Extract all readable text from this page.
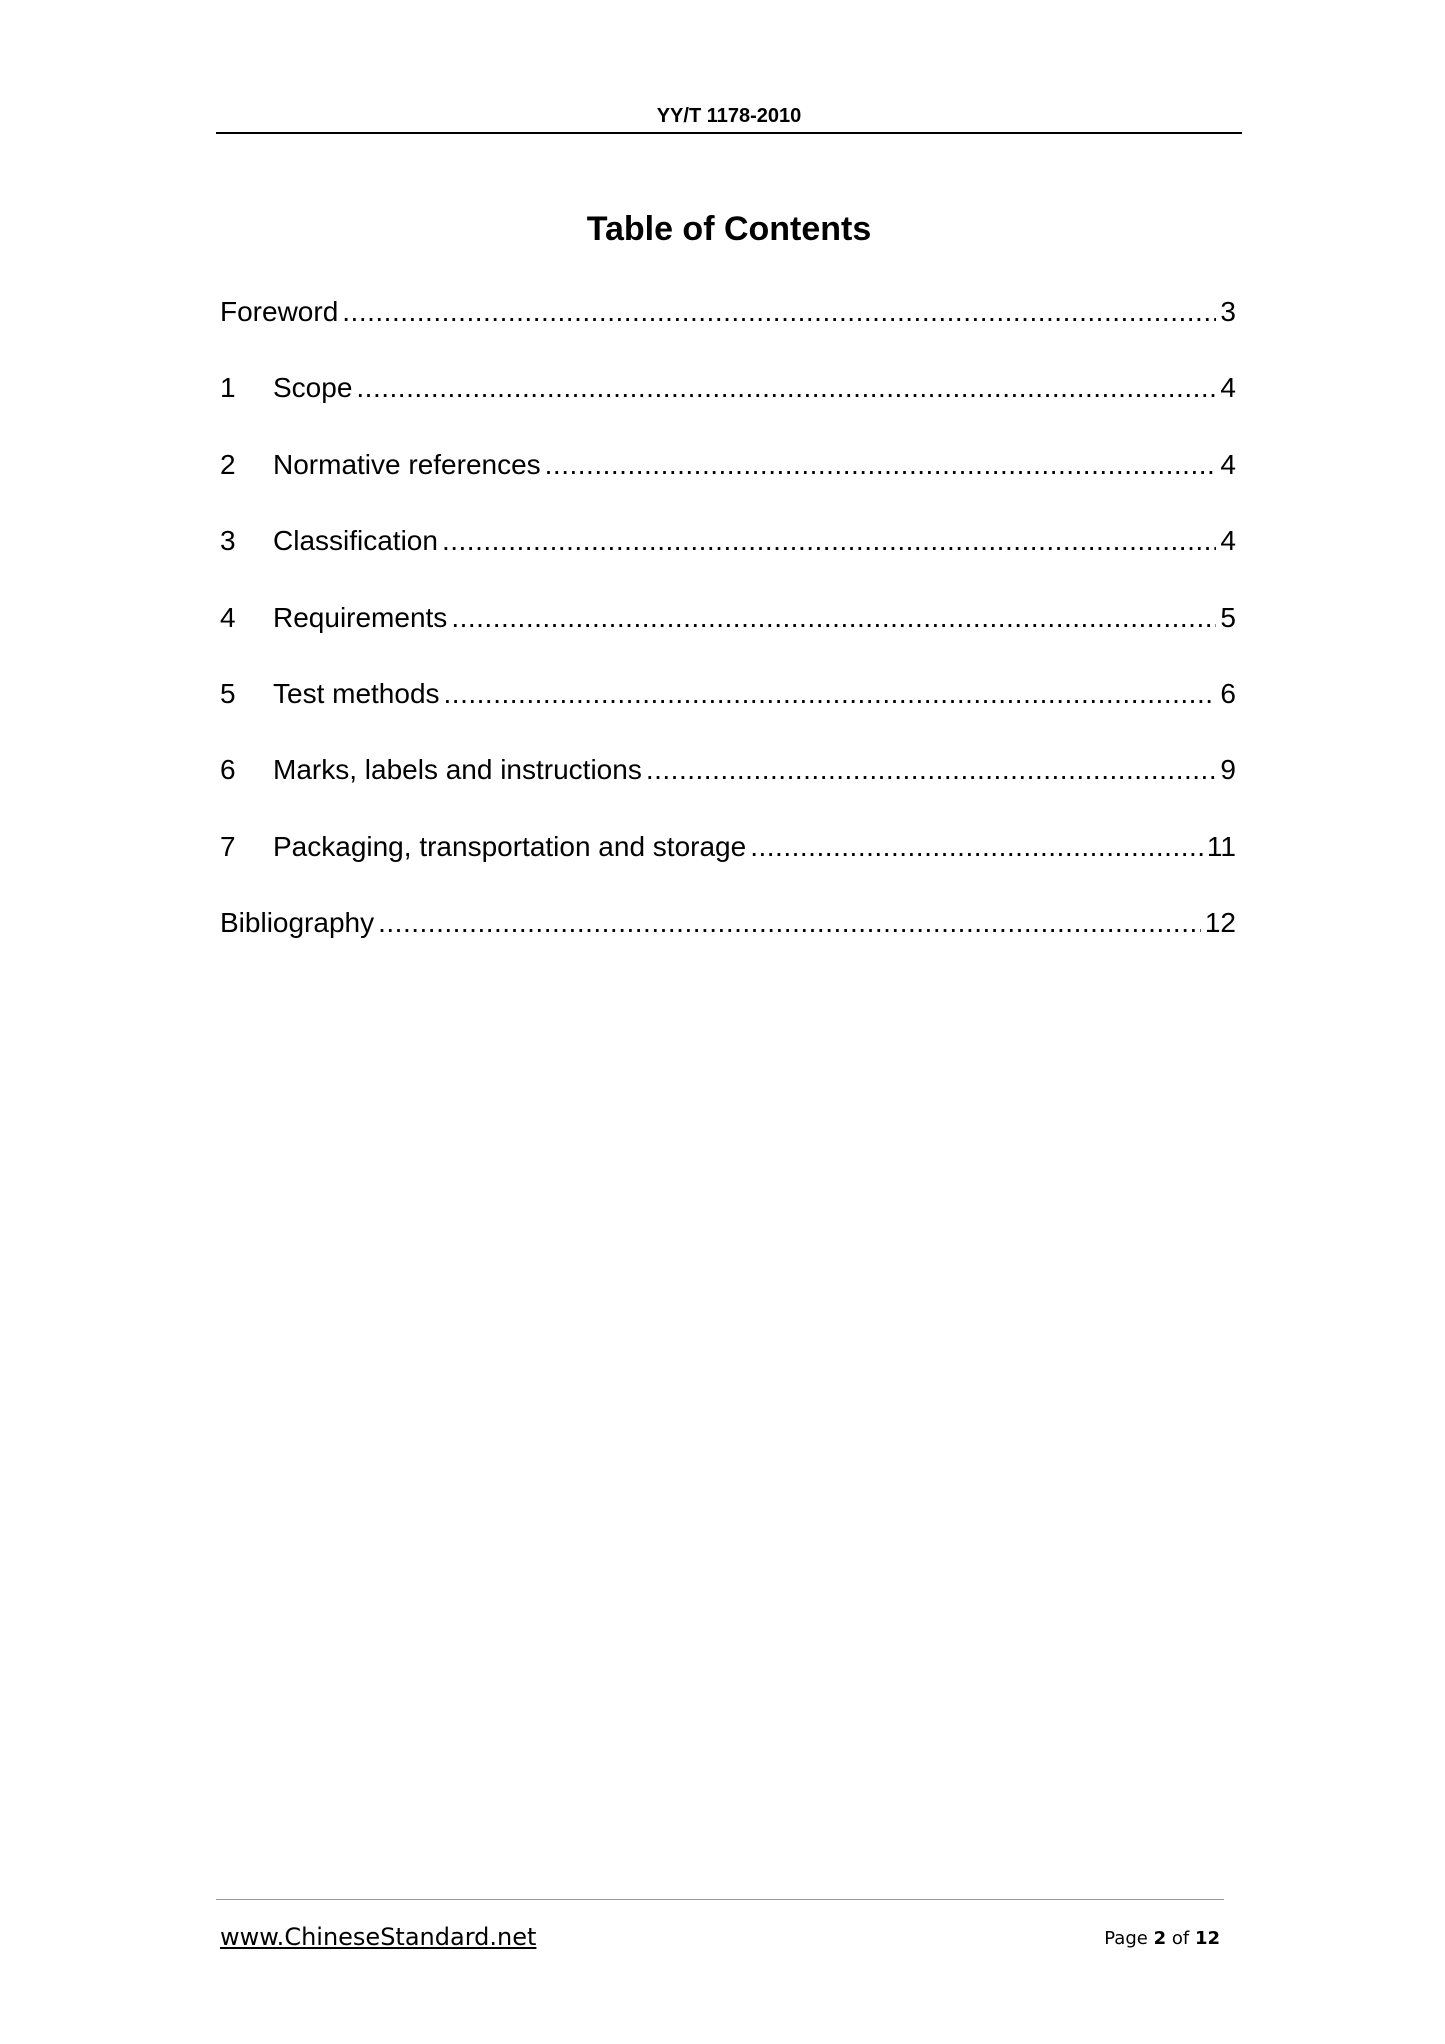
YY/T 1178-2010
Table of Contents
Foreword .....	3
1	Scope .....	4
2	Normative references .....	4
3	Classification .....	4
4	Requirements .....	5
5	Test methods .....	6
6	Marks, labels and instructions .....	9
7	Packaging, transportation and storage .....	11
Bibliography .....	12
www.ChineseStandard.net	Page 2 of 12
